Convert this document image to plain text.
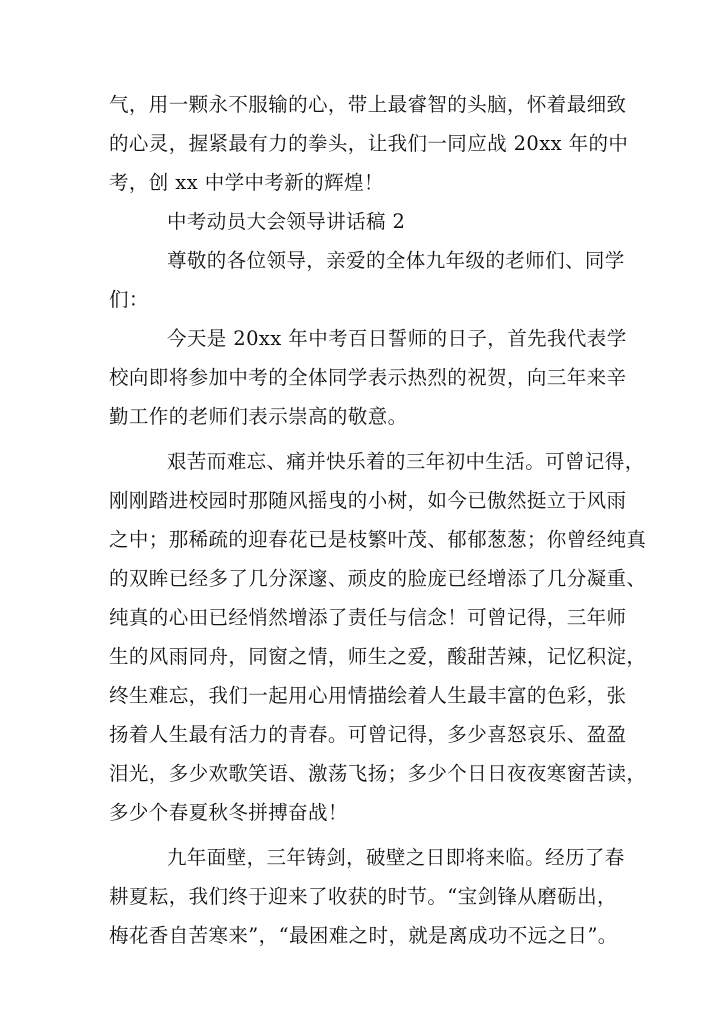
气，用一颗永不服输的心，带上最睿智的头脑，怀着最细致
的心灵，握紧最有力的拳头，让我们一同应战 20xx 年的中
考，创 xx 中学中考新的辉煌！
中考动员大会领导讲话稿 2
尊敬的各位领导，亲爱的全体九年级的老师们、同学
们：
今天是 20xx 年中考百日誓师的日子，首先我代表学
校向即将参加中考的全体同学表示热烈的祝贺，向三年来辛
勤工作的老师们表示崇高的敬意。
艰苦而难忘、痛并快乐着的三年初中生活。可曾记得，
刚刚踏进校园时那随风摇曳的小树，如今已傲然挺立于风雨
之中；那稀疏的迎春花已是枝繁叶茂、郁郁葱葱；你曾经纯真
的双眸已经多了几分深邃、顽皮的脸庞已经增添了几分凝重、
纯真的心田已经悄然增添了责任与信念！可曾记得，三年师
生的风雨同舟，同窗之情，师生之爱，酸甜苦辣，记忆积淀，
终生难忘，我们一起用心用情描绘着人生最丰富的色彩，张
扬着人生最有活力的青春。可曾记得，多少喜怒哀乐、盈盈
泪光，多少欢歌笑语、激荡飞扬；多少个日日夜夜寒窗苦读，
多少个春夏秋冬拼搏奋战！
九年面壁，三年铸剑，破壁之日即将来临。经历了春
耕夏耘，我们终于迎来了收获的时节。“宝剑锋从磨砺出，
梅花香自苦寒来”，“最困难之时，就是离成功不远之日”。
